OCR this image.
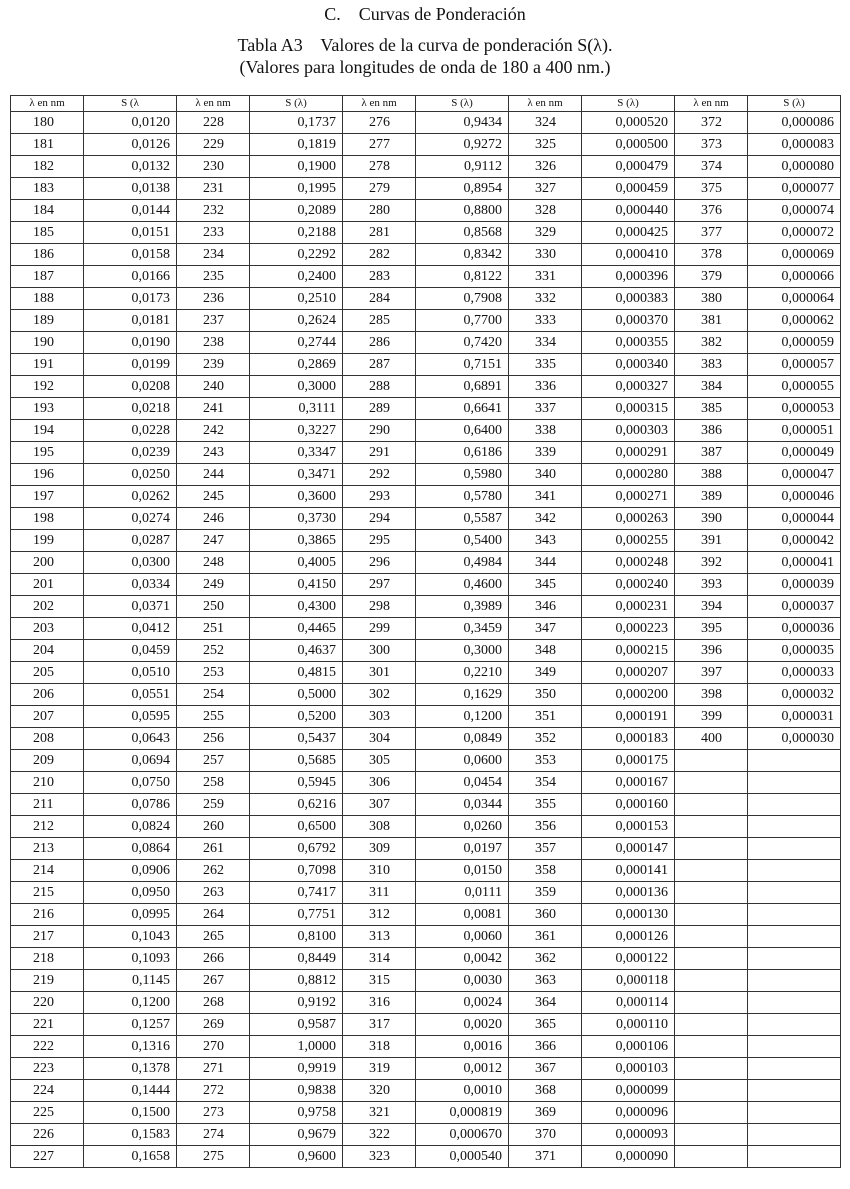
C.    Curvas de Ponderación
Tabla A3    Valores de la curva de ponderación S(λ).
(Valores para longitudes de onda de 180 a 400 nm.)
λ en nm	S (λ	λ en nm	S (λ)	λ en nm	S (λ)	λ en nm	S (λ)	λ en nm	S (λ)
180	0,0120	228	0,1737	276	0,9434	324	0,000520	372	0,000086
181	0,0126	229	0,1819	277	0,9272	325	0,000500	373	0,000083
182	0,0132	230	0,1900	278	0,9112	326	0,000479	374	0,000080
183	0,0138	231	0,1995	279	0,8954	327	0,000459	375	0,000077
184	0,0144	232	0,2089	280	0,8800	328	0,000440	376	0,000074
185	0,0151	233	0,2188	281	0,8568	329	0,000425	377	0,000072
186	0,0158	234	0,2292	282	0,8342	330	0,000410	378	0,000069
187	0,0166	235	0,2400	283	0,8122	331	0,000396	379	0,000066
188	0,0173	236	0,2510	284	0,7908	332	0,000383	380	0,000064
189	0,0181	237	0,2624	285	0,7700	333	0,000370	381	0,000062
190	0,0190	238	0,2744	286	0,7420	334	0,000355	382	0,000059
191	0,0199	239	0,2869	287	0,7151	335	0,000340	383	0,000057
192	0,0208	240	0,3000	288	0,6891	336	0,000327	384	0,000055
193	0,0218	241	0,3111	289	0,6641	337	0,000315	385	0,000053
194	0,0228	242	0,3227	290	0,6400	338	0,000303	386	0,000051
195	0,0239	243	0,3347	291	0,6186	339	0,000291	387	0,000049
196	0,0250	244	0,3471	292	0,5980	340	0,000280	388	0,000047
197	0,0262	245	0,3600	293	0,5780	341	0,000271	389	0,000046
198	0,0274	246	0,3730	294	0,5587	342	0,000263	390	0,000044
199	0,0287	247	0,3865	295	0,5400	343	0,000255	391	0,000042
200	0,0300	248	0,4005	296	0,4984	344	0,000248	392	0,000041
201	0,0334	249	0,4150	297	0,4600	345	0,000240	393	0,000039
202	0,0371	250	0,4300	298	0,3989	346	0,000231	394	0,000037
203	0,0412	251	0,4465	299	0,3459	347	0,000223	395	0,000036
204	0,0459	252	0,4637	300	0,3000	348	0,000215	396	0,000035
205	0,0510	253	0,4815	301	0,2210	349	0,000207	397	0,000033
206	0,0551	254	0,5000	302	0,1629	350	0,000200	398	0,000032
207	0,0595	255	0,5200	303	0,1200	351	0,000191	399	0,000031
208	0,0643	256	0,5437	304	0,0849	352	0,000183	400	0,000030
209	0,0694	257	0,5685	305	0,0600	353	0,000175		
210	0,0750	258	0,5945	306	0,0454	354	0,000167		
211	0,0786	259	0,6216	307	0,0344	355	0,000160		
212	0,0824	260	0,6500	308	0,0260	356	0,000153		
213	0,0864	261	0,6792	309	0,0197	357	0,000147		
214	0,0906	262	0,7098	310	0,0150	358	0,000141		
215	0,0950	263	0,7417	311	0,0111	359	0,000136		
216	0,0995	264	0,7751	312	0,0081	360	0,000130		
217	0,1043	265	0,8100	313	0,0060	361	0,000126		
218	0,1093	266	0,8449	314	0,0042	362	0,000122		
219	0,1145	267	0,8812	315	0,0030	363	0,000118		
220	0,1200	268	0,9192	316	0,0024	364	0,000114		
221	0,1257	269	0,9587	317	0,0020	365	0,000110		
222	0,1316	270	1,0000	318	0,0016	366	0,000106		
223	0,1378	271	0,9919	319	0,0012	367	0,000103		
224	0,1444	272	0,9838	320	0,0010	368	0,000099		
225	0,1500	273	0,9758	321	0,000819	369	0,000096		
226	0,1583	274	0,9679	322	0,000670	370	0,000093		
227	0,1658	275	0,9600	323	0,000540	371	0,000090		
